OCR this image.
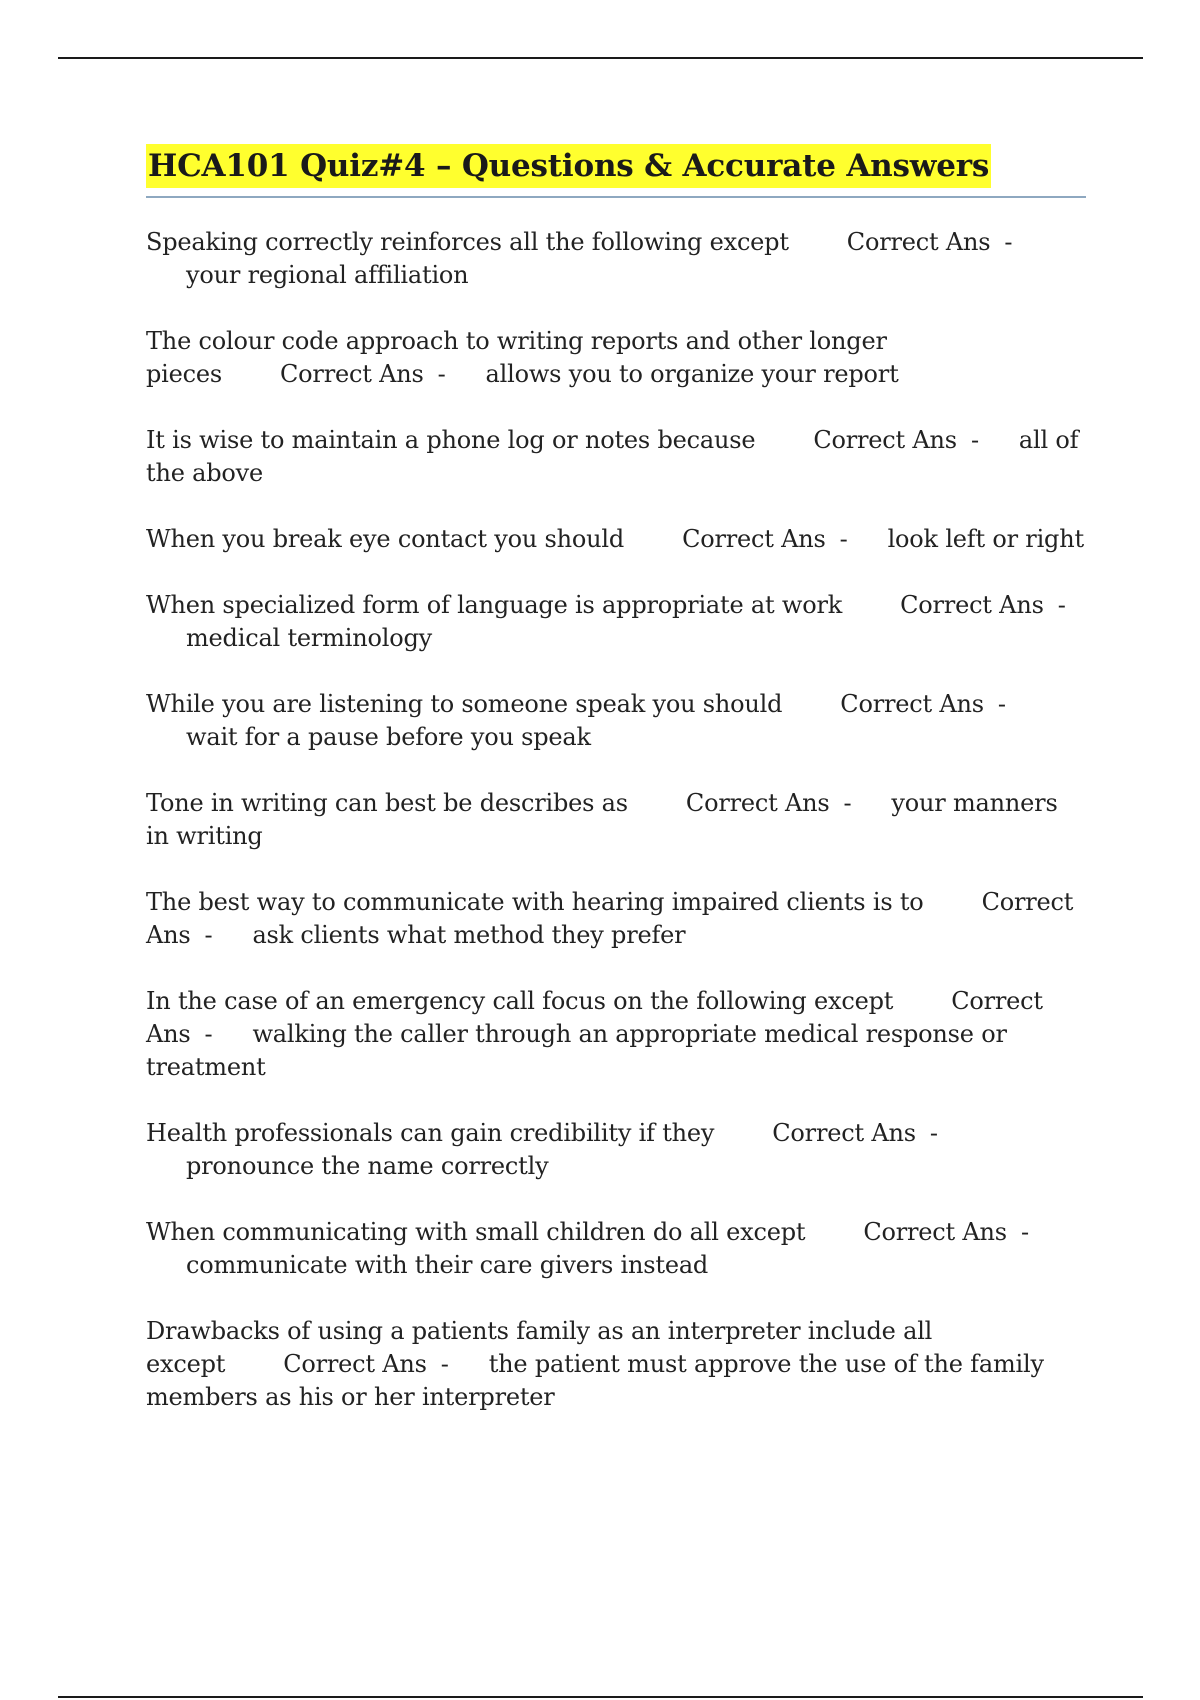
HCA101 Quiz#4 – Questions & Accurate Answers

Speaking correctly reinforces all the following except Correct Ans -your regional affiliation

The colour code approach to writing reports and other longer pieces Correct Ans - allows you to organize your report

It is wise to maintain a phone log or notes because Correct Ans - all of the above

When you break eye contact you should Correct Ans - look left or right

When specialized form of language is appropriate at work Correct Ans -medical terminology

While you are listening to someone speak you should Correct Ans -wait for a pause before you speak

Tone in writing can best be describes as Correct Ans - your manners in writing

The best way to communicate with hearing impaired clients is to Correct Ans - ask clients what method they prefer

In the case of an emergency call focus on the following except Correct Ans - walking the caller through an appropriate medical response or treatment

Health professionals can gain credibility if they Correct Ans -pronounce the name correctly

When communicating with small children do all except Correct Ans -communicate with their care givers instead

Drawbacks of using a patients family as an interpreter include all except Correct Ans - the patient must approve the use of the family members as his or her interpreter
